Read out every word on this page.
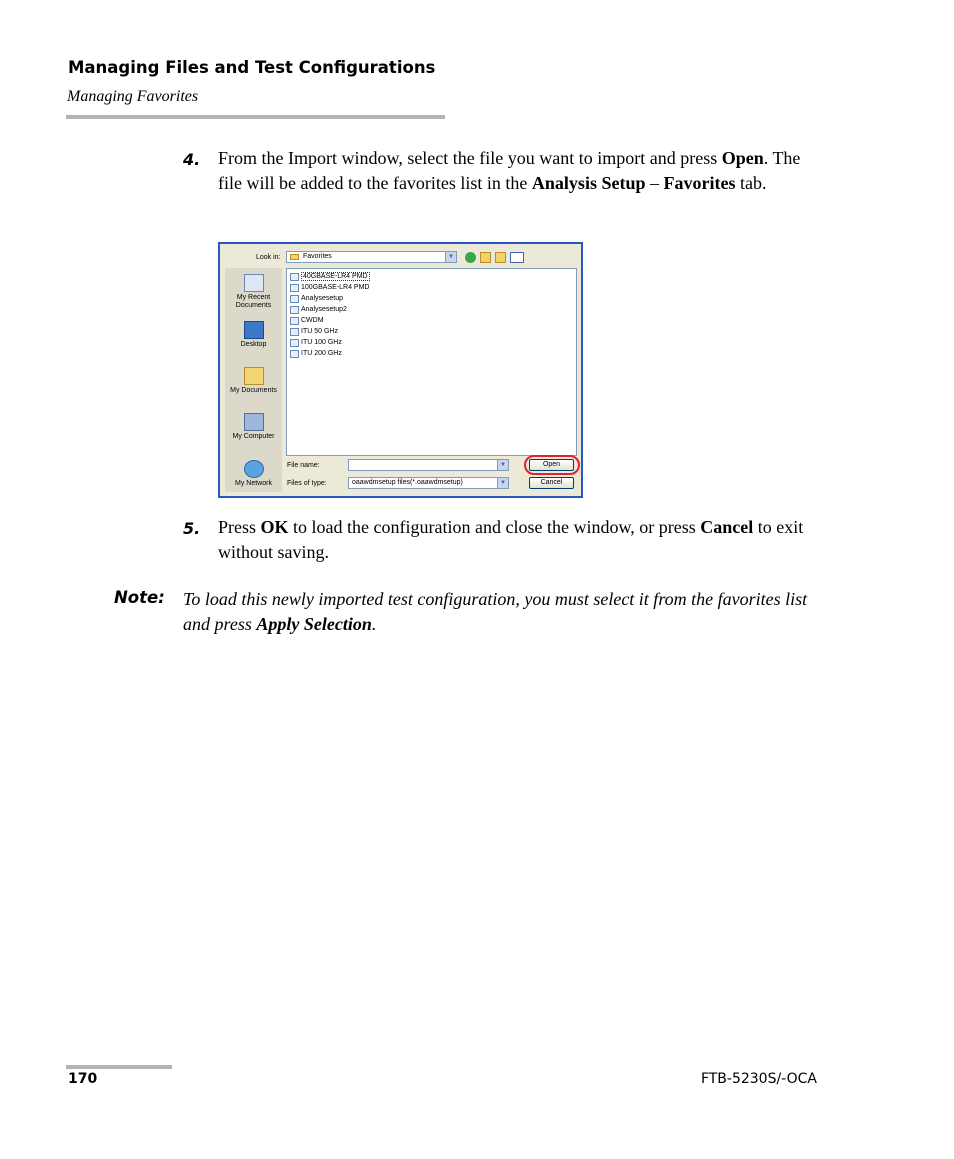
Managing Files and Test Configurations
Managing Favorites
4. From the Import window, select the file you want to import and press Open. The file will be added to the favorites list in the Analysis Setup – Favorites tab.
Look in:	Favorites	▼
My Recent Documents
Desktop
My Documents
My Computer
My Network
40GBASE-LR4 PMD
100GBASE-LR4 PMD
Analysesetup
Analysesetup2
CWDM
ITU 50 GHz
ITU 100 GHz
ITU 200 GHz
File name:	▼
Files of type:	oaawdmsetup files(*.oaawdmsetup)	▼
Open
Cancel
5. Press OK to load the configuration and close the window, or press Cancel to exit without saving.
Note: To load this newly imported test configuration, you must select it from the favorites list and press Apply Selection.
170	FTB-5230S/-OCA
